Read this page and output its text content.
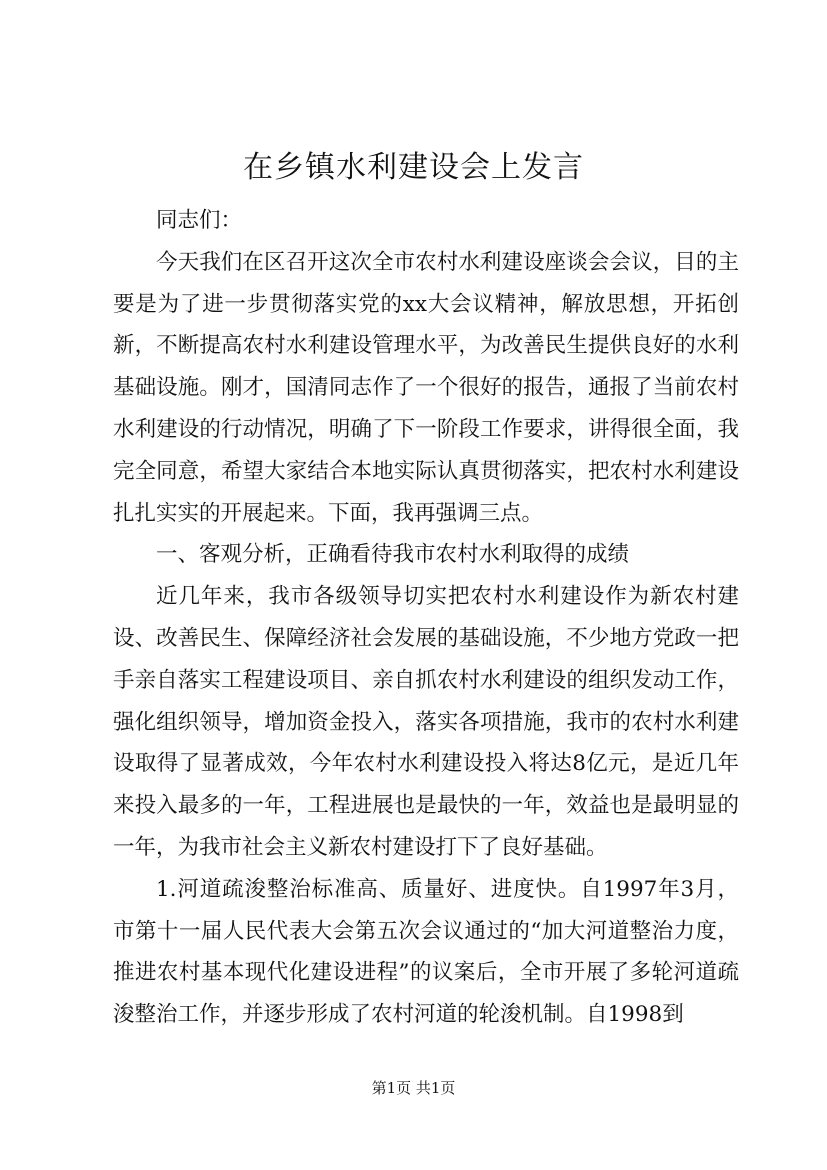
在乡镇水利建设会上发言

同志们：

今天我们在区召开这次全市农村水利建设座谈会会议，目的主要是为了进一步贯彻落实党的xx大会议精神，解放思想，开拓创新，不断提高农村水利建设管理水平，为改善民生提供良好的水利基础设施。刚才，国清同志作了一个很好的报告，通报了当前农村水利建设的行动情况，明确了下一阶段工作要求，讲得很全面，我完全同意，希望大家结合本地实际认真贯彻落实，把农村水利建设扎扎实实的开展起来。下面，我再强调三点。

一、客观分析，正确看待我市农村水利取得的成绩

近几年来，我市各级领导切实把农村水利建设作为新农村建设、改善民生、保障经济社会发展的基础设施，不少地方党政一把手亲自落实工程建设项目、亲自抓农村水利建设的组织发动工作，强化组织领导，增加资金投入，落实各项措施，我市的农村水利建设取得了显著成效，今年农村水利建设投入将达8亿元，是近几年来投入最多的一年，工程进展也是最快的一年，效益也是最明显的一年，为我市社会主义新农村建设打下了良好基础。

1.河道疏浚整治标准高、质量好、进度快。自1997年3月，市第十一届人民代表大会第五次会议通过的“加大河道整治力度，推进农村基本现代化建设进程”的议案后，全市开展了多轮河道疏浚整治工作，并逐步形成了农村河道的轮浚机制。自1998到

第1页 共1页
